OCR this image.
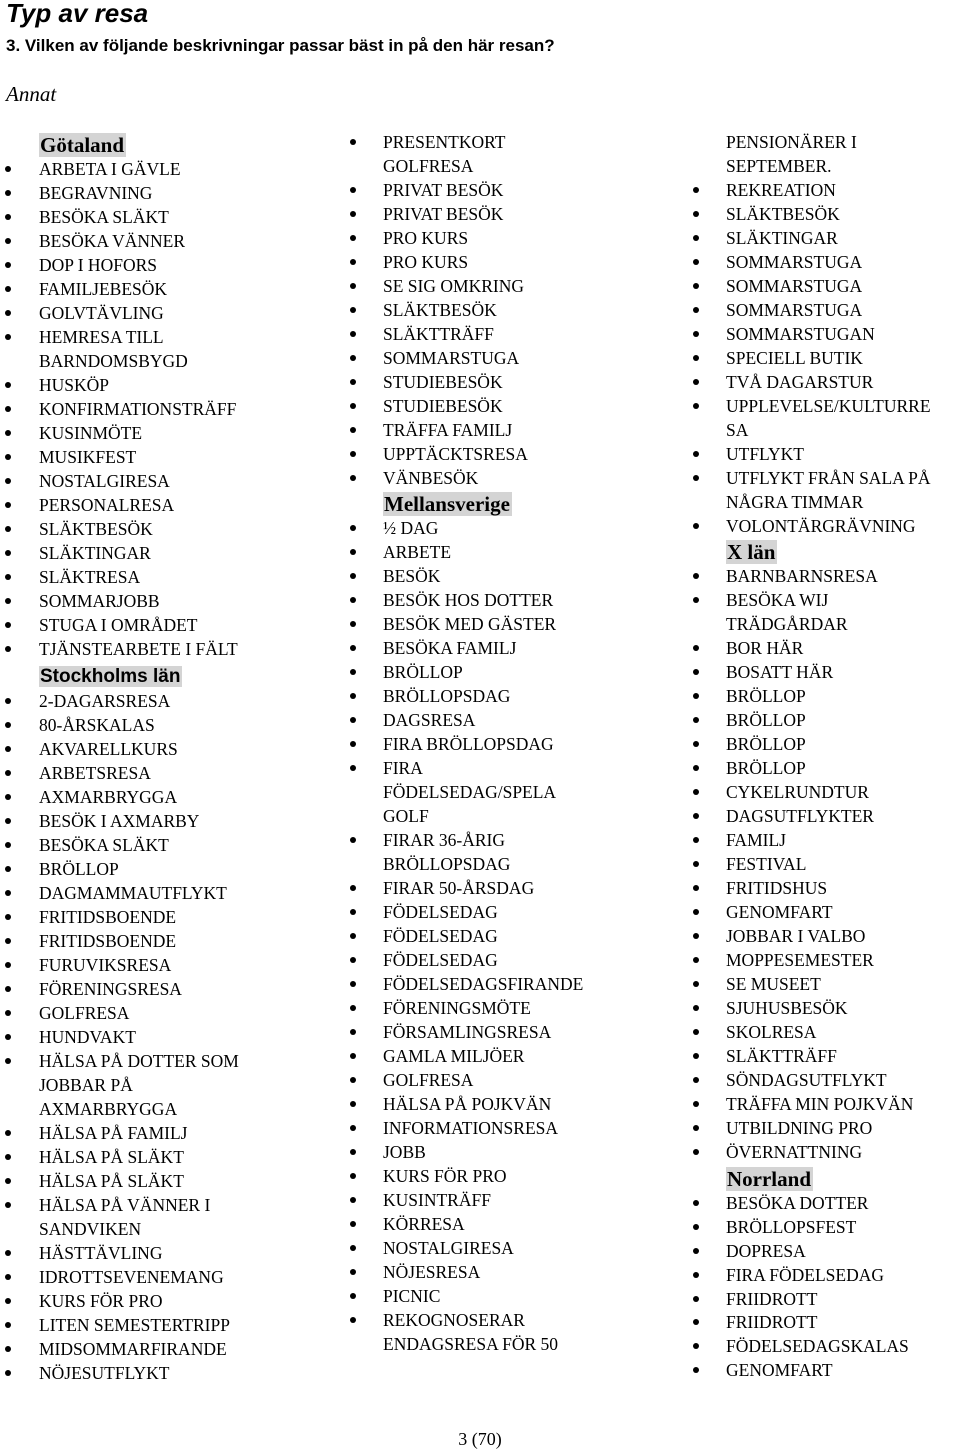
Typ av resa

3. Vilken av följande beskrivningar passar bäst in på den här resan?

Annat

Götaland
ARBETA I GÄVLE
BEGRAVNING
BESÖKA SLÄKT
BESÖKA VÄNNER
DOP I HOFORS
FAMILJEBESÖK
GOLVTÄVLING
HEMRESA TILL
BARNDOMSBYGD
HUSKÖP
KONFIRMATIONSTRÄFF
KUSINMÖTE
MUSIKFEST
NOSTALGIRESA
PERSONALRESA
SLÄKTBESÖK
SLÄKTINGAR
SLÄKTRESA
SOMMARJOBB
STUGA I OMRÅDET
TJÄNSTEARBETE I FÄLT
Stockholms län
2-DAGARSRESA
80-ÅRSKALAS
AKVARELLKURS
ARBETSRESA
AXMARBRYGGA
BESÖK I AXMARBY
BESÖKA SLÄKT
BRÖLLOP
DAGMAMMAUTFLYKT
FRITIDSBOENDE
FRITIDSBOENDE
FURUVIKSRESA
FÖRENINGSRESA
GOLFRESA
HUNDVAKT
HÄLSA PÅ DOTTER SOM
JOBBAR PÅ
AXMARBRYGGA
HÄLSA PÅ FAMILJ
HÄLSA PÅ SLÄKT
HÄLSA PÅ SLÄKT
HÄLSA PÅ VÄNNER I
SANDVIKEN
HÄSTTÄVLING
IDROTTSEVENEMANG
KURS FÖR PRO
LITEN SEMESTERTRIPP
MIDSOMMARFIRANDE
NÖJESUTFLYKT
PRESENTKORT
GOLFRESA
PRIVAT BESÖK
PRIVAT BESÖK
PRO KURS
PRO KURS
SE SIG OMKRING
SLÄKTBESÖK
SLÄKTTRÄFF
SOMMARSTUGA
STUDIEBESÖK
STUDIEBESÖK
TRÄFFA FAMILJ
UPPTÄCKTSRESA
VÄNBESÖK
Mellansverige
½ DAG
ARBETE
BESÖK
BESÖK HOS DOTTER
BESÖK MED GÄSTER
BESÖKA FAMILJ
BRÖLLOP
BRÖLLOPSDAG
DAGSRESA
FIRA BRÖLLOPSDAG
FIRA
FÖDELSEDAG/SPELA
GOLF
FIRAR 36-ÅRIG
BRÖLLOPSDAG
FIRAR 50-ÅRSDAG
FÖDELSEDAG
FÖDELSEDAG
FÖDELSEDAG
FÖDELSEDAGSFIRANDE
FÖRENINGSMÖTE
FÖRSAMLINGSRESA
GAMLA MILJÖER
GOLFRESA
HÄLSA PÅ POJKVÄN
INFORMATIONSRESA
JOBB
KURS FÖR PRO
KUSINTRÄFF
KÖRRESA
NOSTALGIRESA
NÖJESRESA
PICNIC
REKOGNOSERAR
ENDAGSRESA FÖR 50
PENSIONÄRER I
SEPTEMBER.
REKREATION
SLÄKTBESÖK
SLÄKTINGAR
SOMMARSTUGA
SOMMARSTUGA
SOMMARSTUGA
SOMMARSTUGAN
SPECIELL BUTIK
TVÅ DAGARSTUR
UPPLEVELSE/KULTURRE
SA
UTFLYKT
UTFLYKT FRÅN SALA PÅ
NÅGRA TIMMAR
VOLONTÄRGRÄVNING
X län
BARNBARNSRESA
BESÖKA WIJ
TRÄDGÅRDAR
BOR HÄR
BOSATT HÄR
BRÖLLOP
BRÖLLOP
BRÖLLOP
BRÖLLOP
CYKELRUNDTUR
DAGSUTFLYKTER
FAMILJ
FESTIVAL
FRITIDSHUS
GENOMFART
JOBBAR I VALBO
MOPPESEMESTER
SE MUSEET
SJUHUSBESÖK
SKOLRESA
SLÄKTTRÄFF
SÖNDAGSUTFLYKT
TRÄFFA MIN POJKVÄN
UTBILDNING PRO
ÖVERNATTNING
Norrland
BESÖKA DOTTER
BRÖLLOPSFEST
DOPRESA
FIRA FÖDELSEDAG
FRIIDROTT
FRIIDROTT
FÖDELSEDAGSKALAS
GENOMFART
3 (70)
